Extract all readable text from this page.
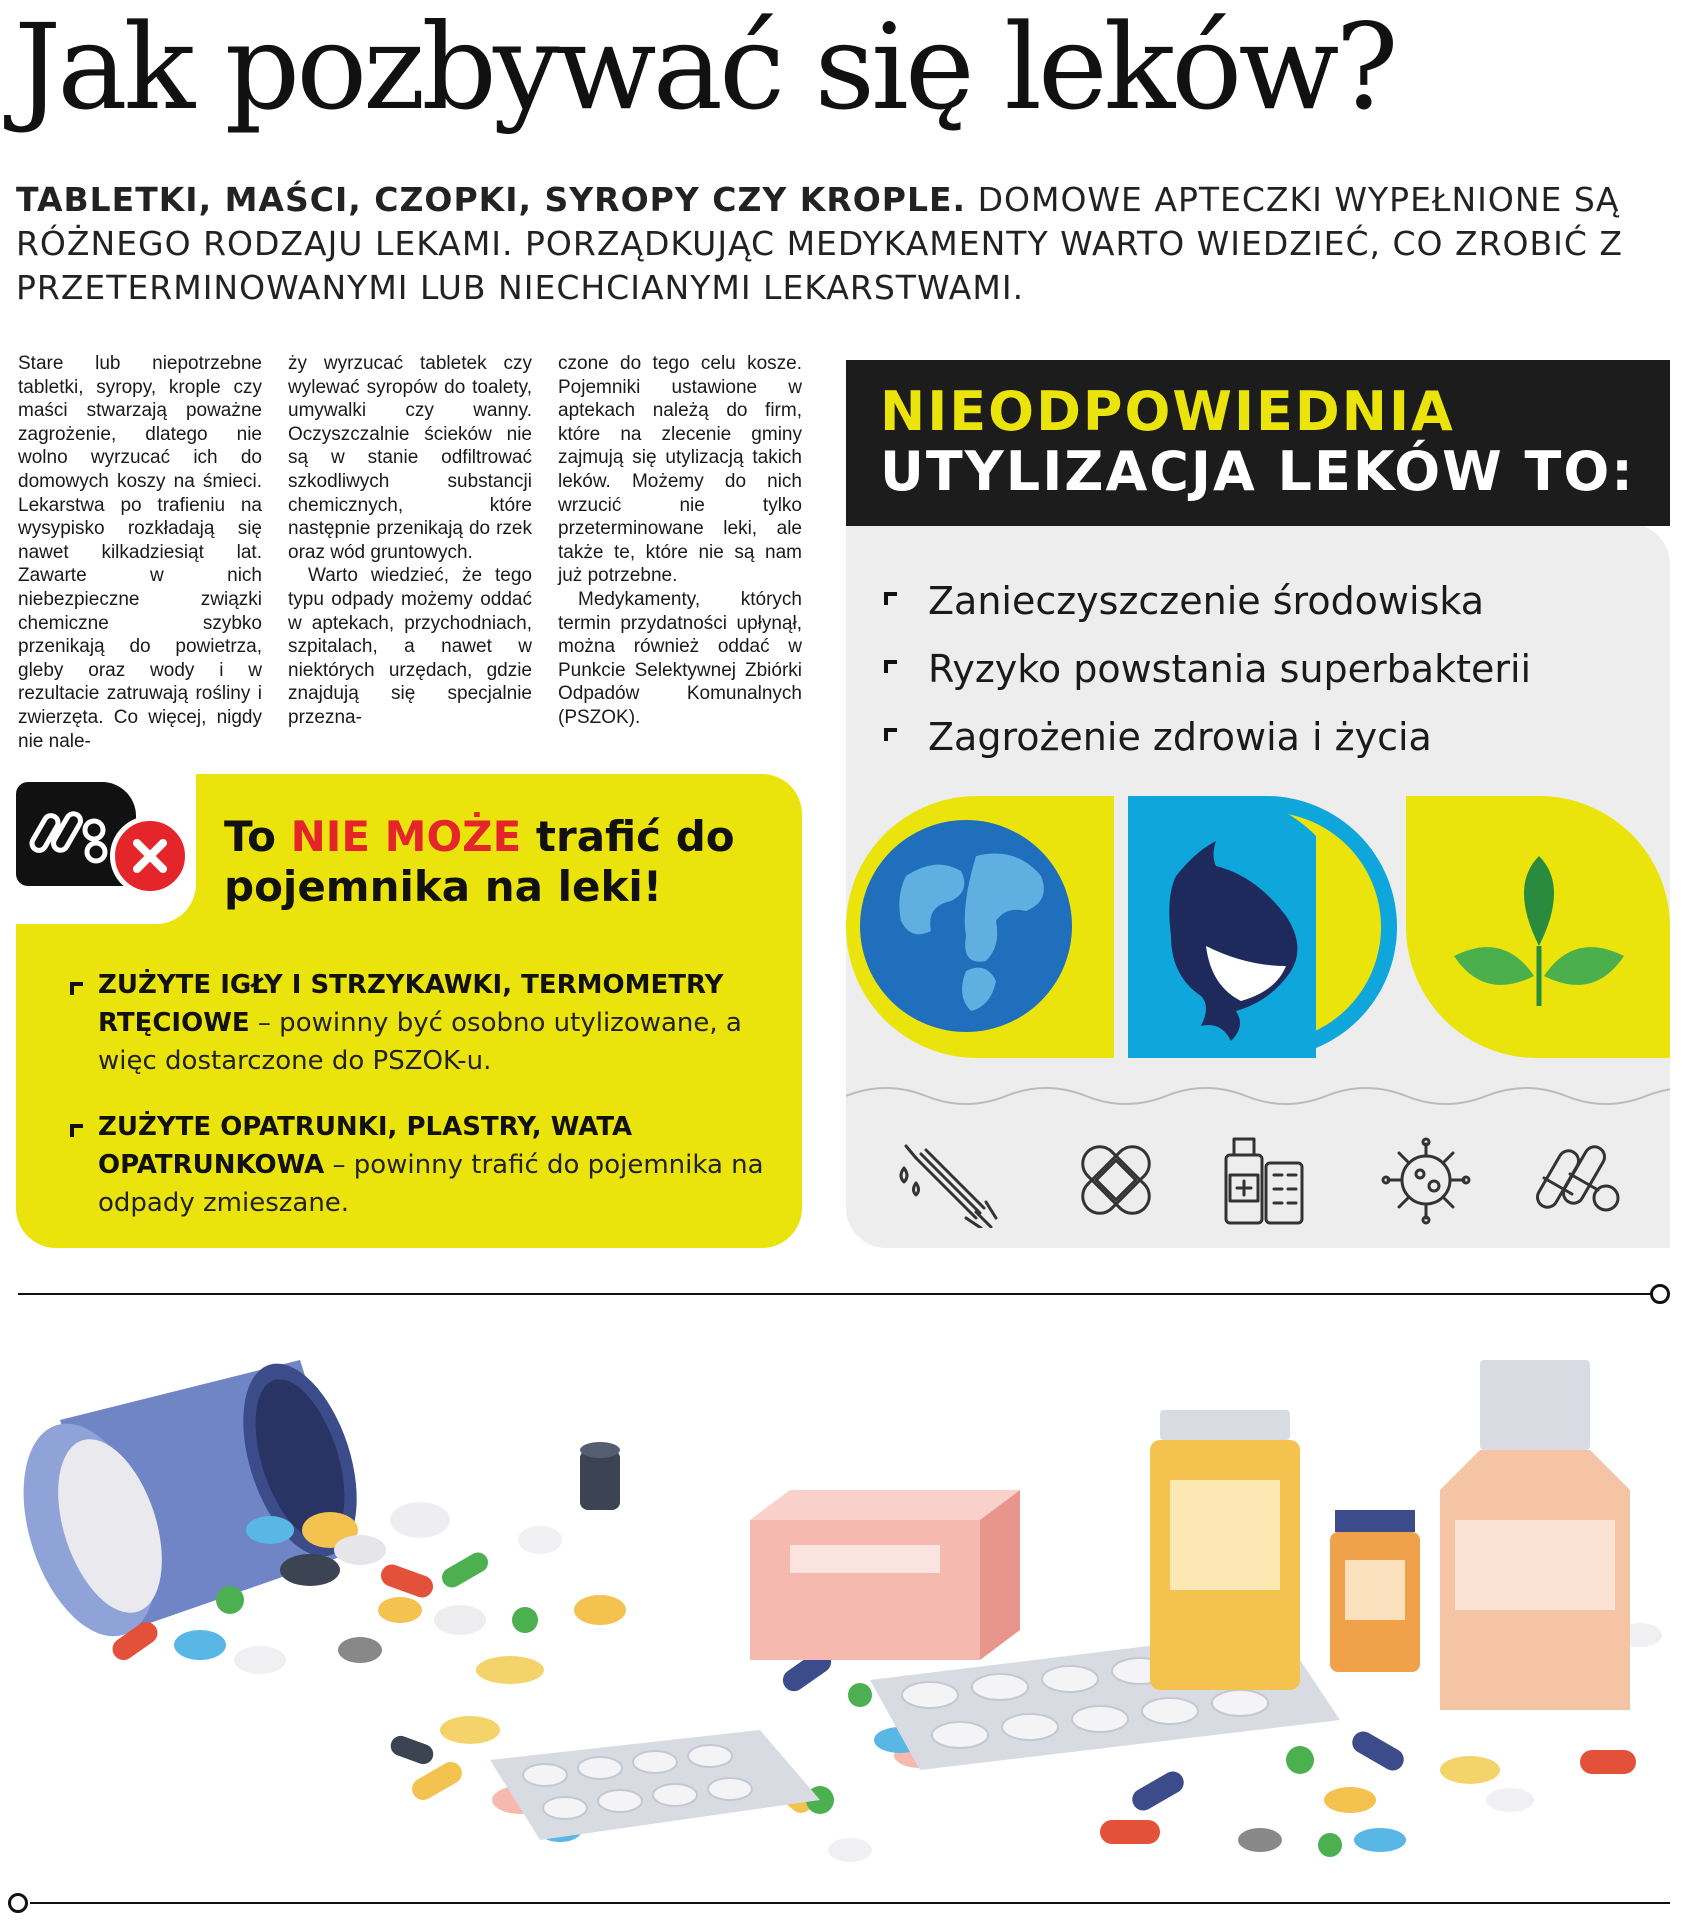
Jak pozbywać się leków?
TABLETKI, MAŚCI, CZOPKI, SYROPY CZY KROPLE. DOMOWE APTECZKI WYPEŁNIONE SĄ RÓŻNEGO RODZAJU LEKAMI. PORZĄDKUJĄC MEDYKAMENTY WARTO WIEDZIEĆ, CO ZROBIĆ Z PRZETERMINOWANYMI LUB NIECHCIANYMI LEKARSTWAMI.

Stare lub niepotrzebne tabletki, syropy, krople czy maści stwarzają poważne zagrożenie, dlatego nie wolno wyrzucać ich do domowych koszy na śmieci. Lekarstwa po trafieniu na wysypisko rozkładają się nawet kilkadziesiąt lat. Zawarte w nich niebezpieczne związki chemiczne szybko przenikają do powietrza, gleby oraz wody i w rezultacie zatruwają rośliny i zwierzęta. Co więcej, nigdy nie nale-

ży wyrzucać tabletek czy wylewać syropów do toalety, umywalki czy wanny. Oczyszczalnie ścieków nie są w stanie odfiltrować szkodliwych substancji chemicznych, które następnie przenikają do rzek oraz wód gruntowych.

Warto wiedzieć, że tego typu odpady możemy oddać w aptekach, przychodniach, szpitalach, a nawet w niektórych urzędach, gdzie znajdują się specjalnie przezna-

czone do tego celu kosze. Pojemniki ustawione w aptekach należą do firm, które na zlecenie gminy zajmują się utylizacją takich leków. Możemy do nich wrzucić nie tylko przeterminowane leki, ale także te, które nie są nam już potrzebne.

Medykamenty, których termin przydatności upłynął, można również oddać w Punkcie Selektywnej Zbiórki Odpadów Komunalnych (PSZOK).

To NIE MOŻE trafić do pojemnika na leki!
ZUŻYTE IGŁY I STRZYKAWKI, TERMOMETRY RTĘCIOWE – powinny być osobno utylizowane, a więc dostarczone do PSZOK-u.
ZUŻYTE OPATRUNKI, PLASTRY, WATA OPATRUNKOWA – powinny trafić do pojemnika na odpady zmieszane.
NIEODPOWIEDNIA
UTYLIZACJA LEKÓW TO:
Zanieczyszczenie środowiska
Ryzyko powstania superbakterii
Zagrożenie zdrowia i życia
